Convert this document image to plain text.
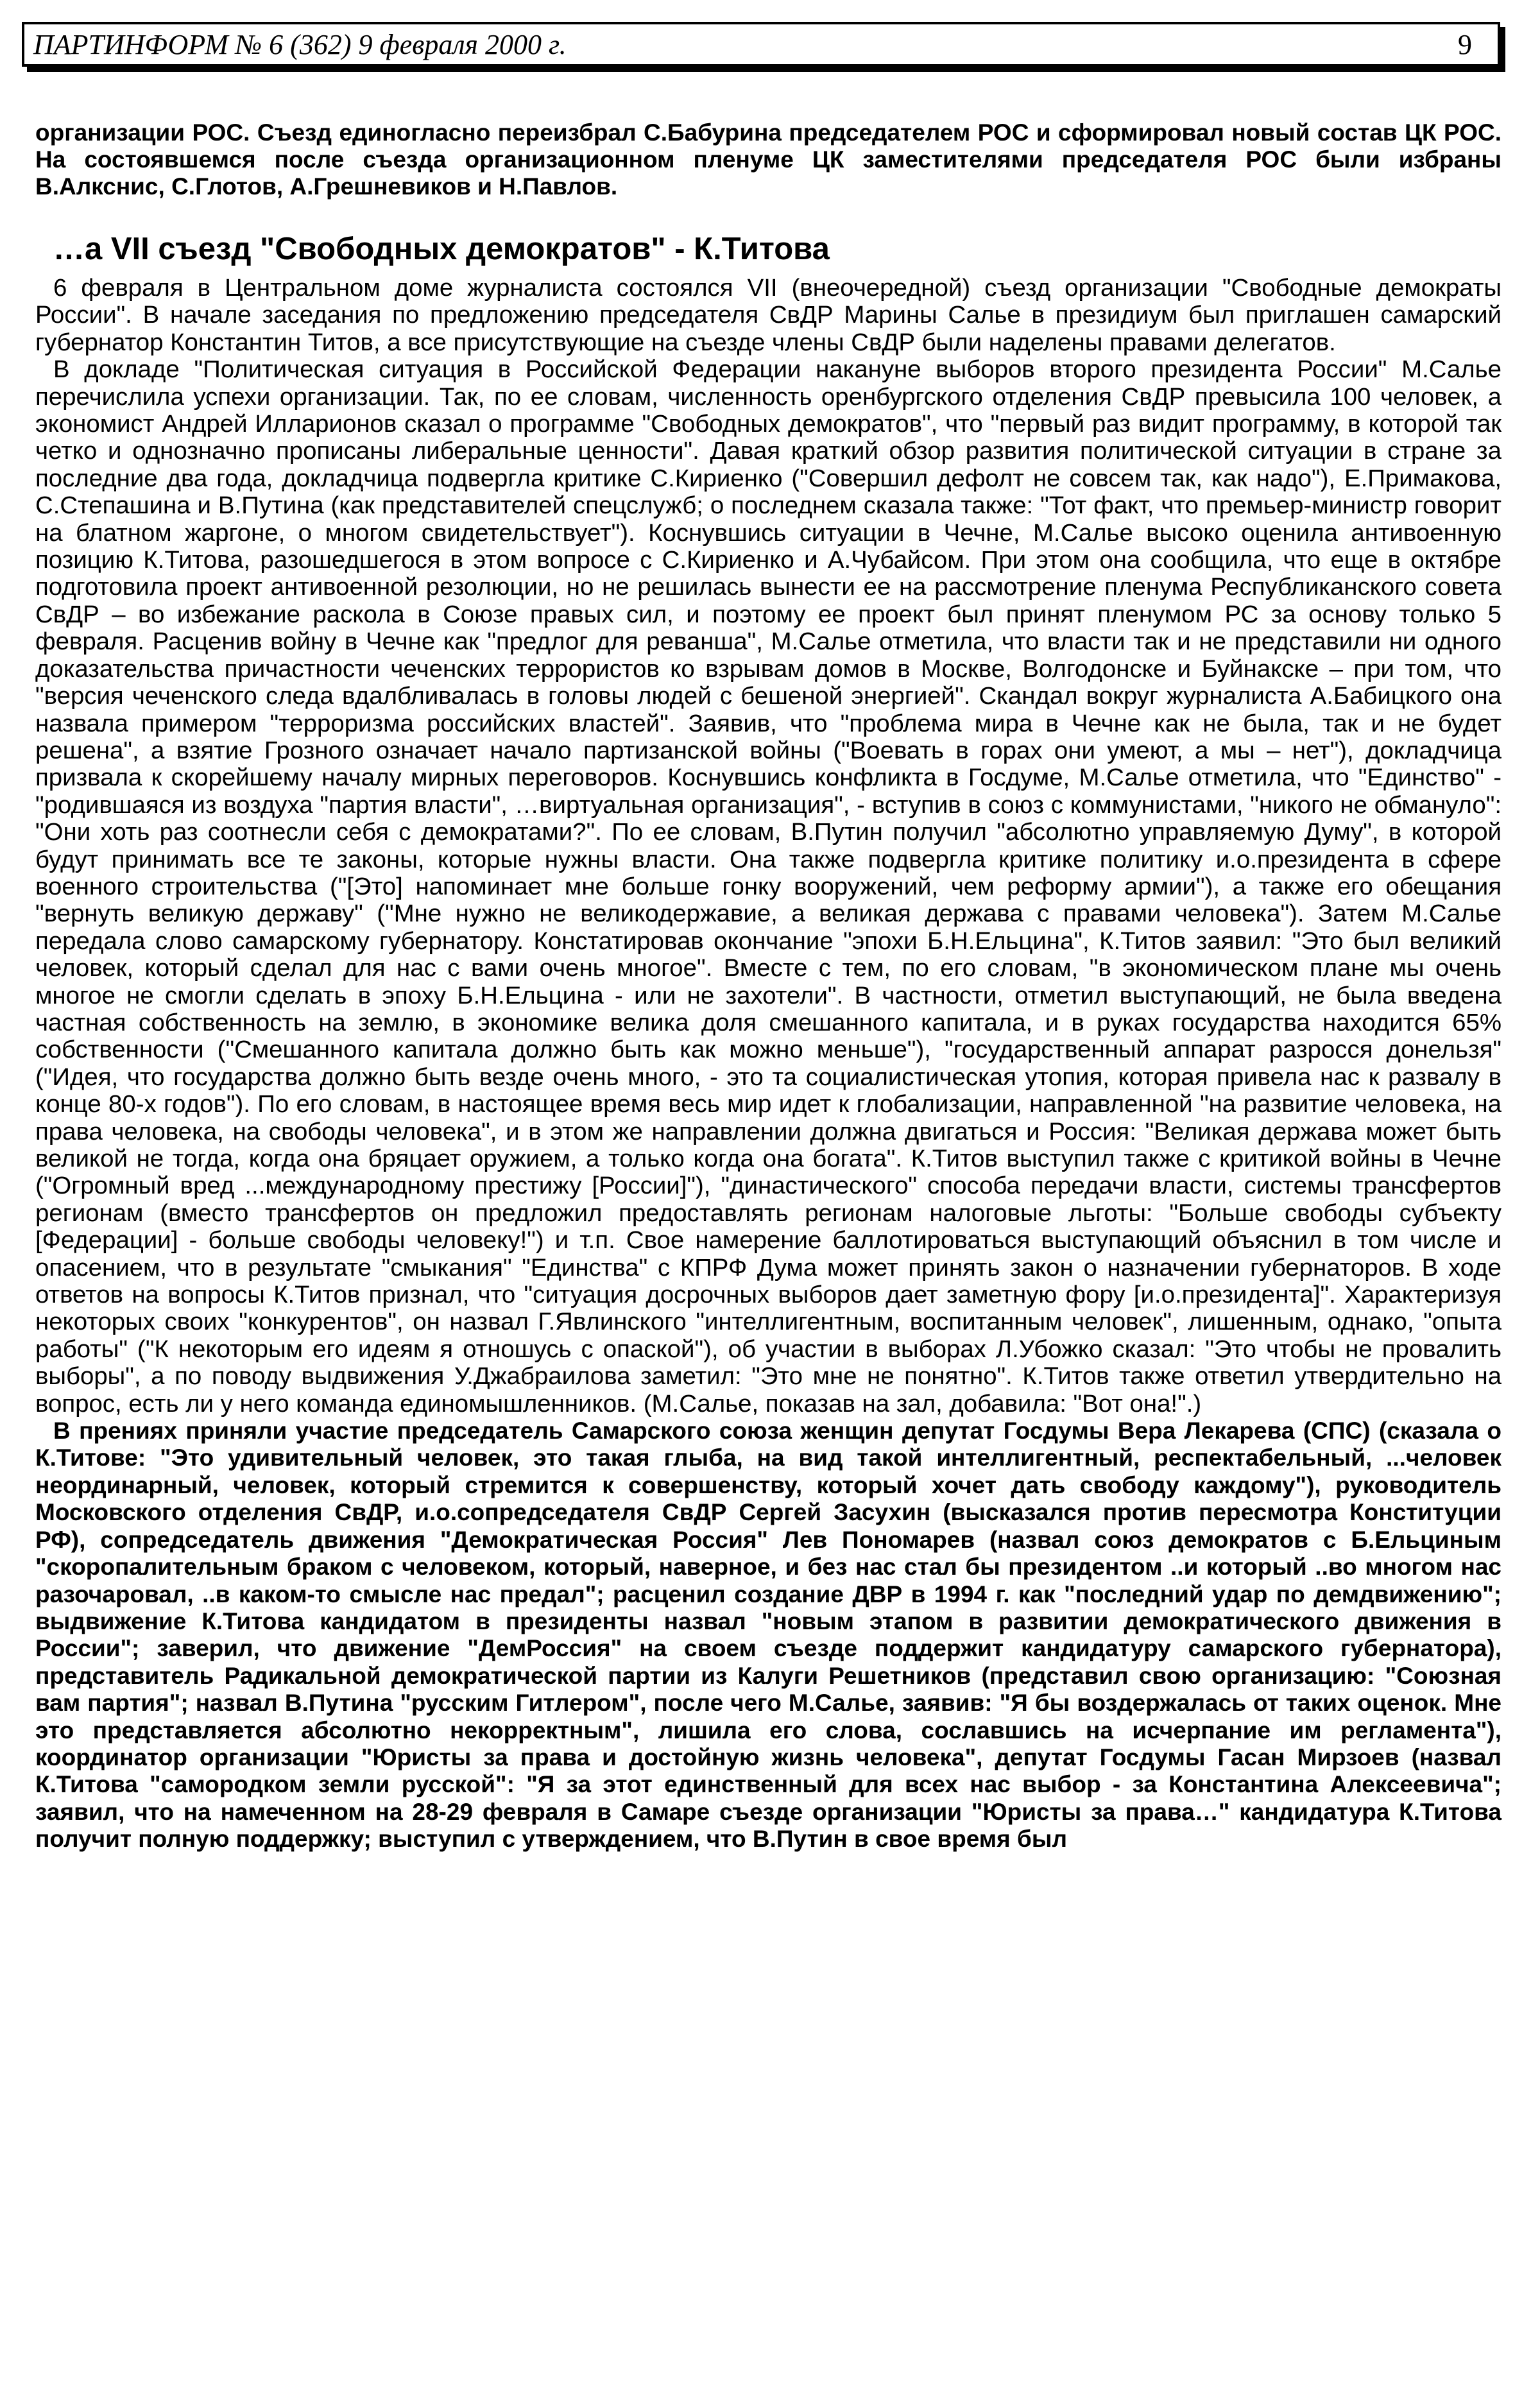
ПАРТИНФОРМ № 6 (362) 9 февраля 2000 г.	9

организации РОС. Съезд единогласно переизбрал С.Бабурина председателем РОС и сформировал новый состав ЦК РОС. На состоявшемся после съезда организационном пленуме ЦК заместителями председателя РОС были избраны В.Алкснис, С.Глотов, А.Грешневиков и Н.Павлов.

…а VII съезд "Свободных демократов" - К.Титова

6 февраля в Центральном доме журналиста состоялся VII (внеочередной) съезд организации "Свободные демократы России". В начале заседания по предложению председателя СвДР Марины Салье в президиум был приглашен самарский губернатор Константин Титов, а все присутствующие на съезде члены СвДР были наделены правами делегатов.

В докладе "Политическая ситуация в Российской Федерации накануне выборов второго президента России" М.Салье перечислила успехи организации. Так, по ее словам, численность оренбургского отделения СвДР превысила 100 человек, а экономист Андрей Илларионов сказал о программе "Свободных демократов", что "первый раз видит программу, в которой так четко и однозначно прописаны либеральные ценности". Давая краткий обзор развития политической ситуации в стране за последние два года, докладчица подвергла критике С.Кириенко ("Совершил дефолт не совсем так, как надо"), Е.Примакова, С.Степашина и В.Путина (как представителей спецслужб; о последнем сказала также: "Тот факт, что премьер-министр говорит на блатном жаргоне, о многом свидетельствует"). Коснувшись ситуации в Чечне, М.Салье высоко оценила антивоенную позицию К.Титова, разошедшегося в этом вопросе с С.Кириенко и А.Чубайсом. При этом она сообщила, что еще в октябре подготовила проект антивоенной резолюции, но не решилась вынести ее на рассмотрение пленума Республиканского совета СвДР – во избежание раскола в Союзе правых сил, и поэтому ее проект был принят пленумом РС за основу только 5 февраля. Расценив войну в Чечне как "предлог для реванша", М.Салье отметила, что власти так и не представили ни одного доказательства причастности чеченских террористов ко взрывам домов в Москве, Волгодонске и Буйнакске – при том, что "версия чеченского следа вдалбливалась в головы людей с бешеной энергией". Скандал вокруг журналиста А.Бабицкого она назвала примером "терроризма российских властей". Заявив, что "проблема мира в Чечне как не была, так и не будет решена", а взятие Грозного означает начало партизанской войны ("Воевать в горах они умеют, а мы – нет"), докладчица призвала к скорейшему началу мирных переговоров. Коснувшись конфликта в Госдуме, М.Салье отметила, что "Единство" - "родившаяся из воздуха "партия власти", …виртуальная организация", - вступив в союз с коммунистами, "никого не обмануло": "Они хоть раз соотнесли себя с демократами?". По ее словам, В.Путин получил "абсолютно управляемую Думу", в которой будут принимать все те законы, которые нужны власти. Она также подвергла критике политику и.о.президента в сфере военного строительства ("[Это] напоминает мне больше гонку вооружений, чем реформу армии"), а также его обещания "вернуть великую державу" ("Мне нужно не великодержавие, а великая держава с правами человека"). Затем М.Салье передала слово самарскому губернатору. Констатировав окончание "эпохи Б.Н.Ельцина", К.Титов заявил: "Это был великий человек, который сделал для нас с вами очень многое". Вместе с тем, по его словам, "в экономическом плане мы очень многое не смогли сделать в эпоху Б.Н.Ельцина - или не захотели". В частности, отметил выступающий, не была введена частная собственность на землю, в экономике велика доля смешанного капитала, и в руках государства находится 65% собственности ("Смешанного капитала должно быть как можно меньше"), "государственный аппарат разросся донельзя" ("Идея, что государства должно быть везде очень много, - это та социалистическая утопия, которая привела нас к развалу в конце 80-х годов"). По его словам, в настоящее время весь мир идет к глобализации, направленной "на развитие человека, на права человека, на свободы человека", и в этом же направлении должна двигаться и Россия: "Великая держава может быть великой не тогда, когда она бряцает оружием, а только когда она богата". К.Титов выступил также с критикой войны в Чечне ("Огромный вред ...международному престижу [России]"), "династического" способа передачи власти, системы трансфертов регионам (вместо трансфертов он предложил предоставлять регионам налоговые льготы: "Больше свободы субъекту [Федерации] - больше свободы человеку!") и т.п. Свое намерение баллотироваться выступающий объяснил в том числе и опасением, что в результате "смыкания" "Единства" с КПРФ Дума может принять закон о назначении губернаторов. В ходе ответов на вопросы К.Титов признал, что "ситуация досрочных выборов дает заметную фору [и.о.президента]". Характеризуя некоторых своих "конкурентов", он назвал Г.Явлинского "интеллигентным, воспитанным человек", лишенным, однако, "опыта работы" ("К некоторым его идеям я отношусь с опаской"), об участии в выборах Л.Убожко сказал: "Это чтобы не провалить выборы", а по поводу выдвижения У.Джабраилова заметил: "Это мне не понятно". К.Титов также ответил утвердительно на вопрос, есть ли у него команда единомышленников. (М.Салье, показав на зал, добавила: "Вот она!".)

В прениях приняли участие председатель Самарского союза женщин депутат Госдумы Вера Лекарева (СПС) (сказала о К.Титове: "Это удивительный человек, это такая глыба, на вид такой интеллигентный, респектабельный, ...человек неординарный, человек, который стремится к совершенству, который хочет дать свободу каждому"), руководитель Московского отделения СвДР, и.о.сопредседателя СвДР Сергей Засухин (высказался против пересмотра Конституции РФ), сопредседатель движения "Демократическая Россия" Лев Пономарев (назвал союз демократов с Б.Ельциным "скоропалительным браком с человеком, который, наверное, и без нас стал бы президентом ..и который ..во многом нас разочаровал, ..в каком-то смысле нас предал"; расценил создание ДВР в 1994 г. как "последний удар по демдвижению"; выдвижение К.Титова кандидатом в президенты назвал "новым этапом в развитии демократического движения в России"; заверил, что движение "ДемРоссия" на своем съезде поддержит кандидатуру самарского губернатора), представитель Радикальной демократической партии из Калуги Решетников (представил свою организацию: "Союзная вам партия"; назвал В.Путина "русским Гитлером", после чего М.Салье, заявив: "Я бы воздержалась от таких оценок. Мне это представляется абсолютно некорректным", лишила его слова, сославшись на исчерпание им регламента"), координатор организации "Юристы за права и достойную жизнь человека", депутат Госдумы Гасан Мирзоев (назвал К.Титова "самородком земли русской": "Я за этот единственный для всех нас выбор - за Константина Алексеевича"; заявил, что на намеченном на 28-29 февраля в Самаре съезде организации "Юристы за права…" кандидатура К.Титова получит полную поддержку; выступил с утверждением, что В.Путин в свое время был
